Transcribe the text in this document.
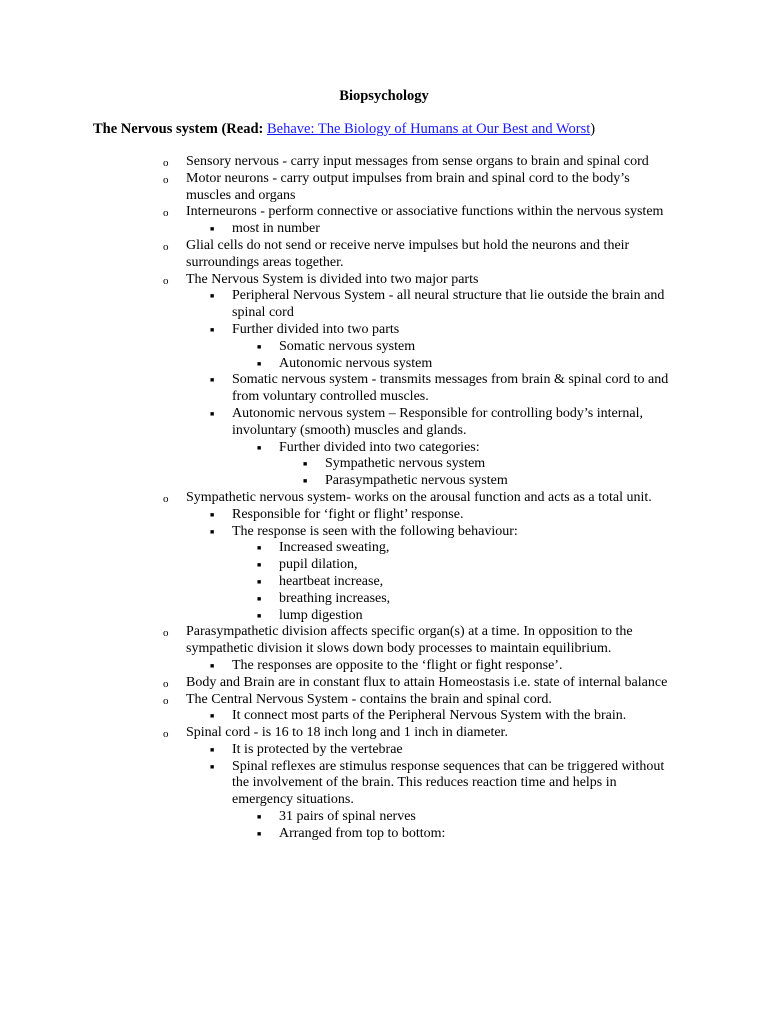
Biopsychology
The Nervous system (Read: Behave: The Biology of Humans at Our Best and Worst)
o	Sensory nervous - carry input messages from sense organs to brain and spinal cord
o	Motor neurons - carry output impulses from brain and spinal cord to the body’s muscles and organs
o	Interneurons - perform connective or associative functions within the nervous system
■	most in number
o	Glial cells do not send or receive nerve impulses but hold the neurons and their surroundings areas together.
o	The Nervous System is divided into two major parts
■	Peripheral Nervous System - all neural structure that lie outside the brain and spinal cord
■	Further divided into two parts
■	Somatic nervous system
■	Autonomic nervous system
■	Somatic nervous system - transmits messages from brain & spinal cord to and from voluntary controlled muscles.
■	Autonomic nervous system – Responsible for controlling body’s internal, involuntary (smooth) muscles and glands.
■	Further divided into two categories:
■	Sympathetic nervous system
■	Parasympathetic nervous system
o	Sympathetic nervous system- works on the arousal function and acts as a total unit.
■	Responsible for ‘fight or flight’ response.
■	The response is seen with the following behaviour:
■	Increased sweating,
■	pupil dilation,
■	heartbeat increase,
■	breathing increases,
■	lump digestion
o	Parasympathetic division affects specific organ(s) at a time. In opposition to the sympathetic division it slows down body processes to maintain equilibrium.
■	The responses are opposite to the ‘flight or fight response’.
o	Body and Brain are in constant flux to attain Homeostasis i.e. state of internal balance
o	The Central Nervous System - contains the brain and spinal cord.
■	It connect most parts of the Peripheral Nervous System with the brain.
o	Spinal cord - is 16 to 18 inch long and 1 inch in diameter.
■	It is protected by the vertebrae
■	Spinal reflexes are stimulus response sequences that can be triggered without the involvement of the brain. This reduces reaction time and helps in emergency situations.
■	31 pairs of spinal nerves
■	Arranged from top to bottom:
